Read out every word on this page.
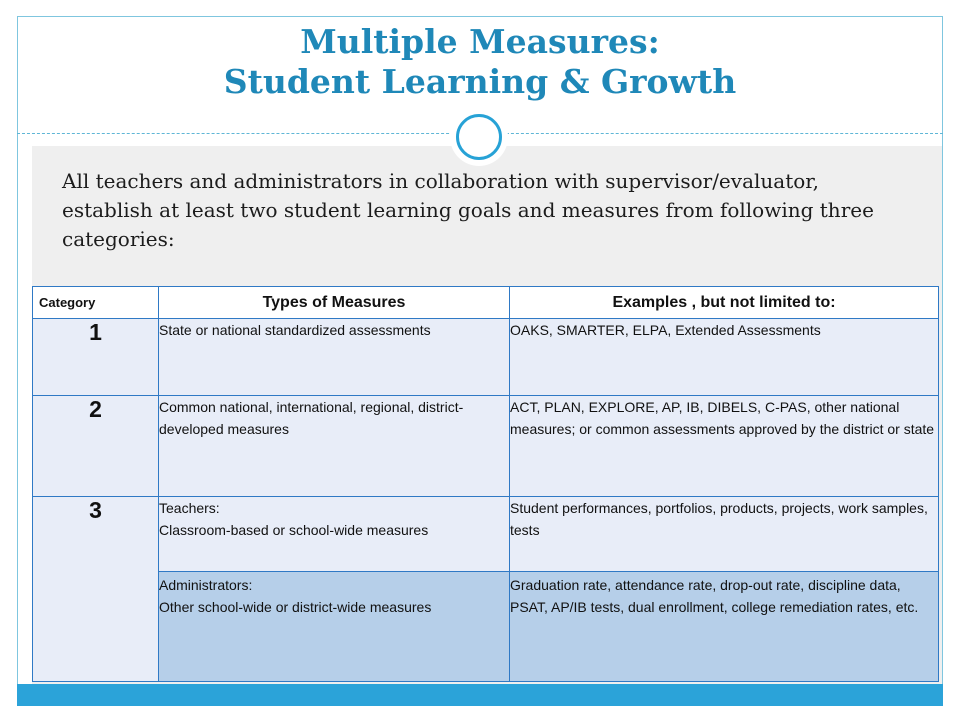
Multiple Measures:
Student Learning & Growth
All teachers and administrators in collaboration with supervisor/evaluator, establish at least two student learning goals and measures from following three categories:
Category	Types of Measures	Examples , but not limited to:
1	State or national standardized assessments	OAKS, SMARTER, ELPA, Extended Assessments
2	Common national, international, regional, district-developed measures	ACT, PLAN, EXPLORE, AP, IB, DIBELS, C-PAS, other national measures; or common assessments approved by the district or state
3	Teachers:
Classroom-based or school-wide measures	Student performances, portfolios, products, projects, work samples, tests

	Administrators:
Other school-wide or district-wide measures	Graduation rate, attendance rate, drop-out rate, discipline data, PSAT, AP/IB tests, dual enrollment, college remediation rates, etc.
